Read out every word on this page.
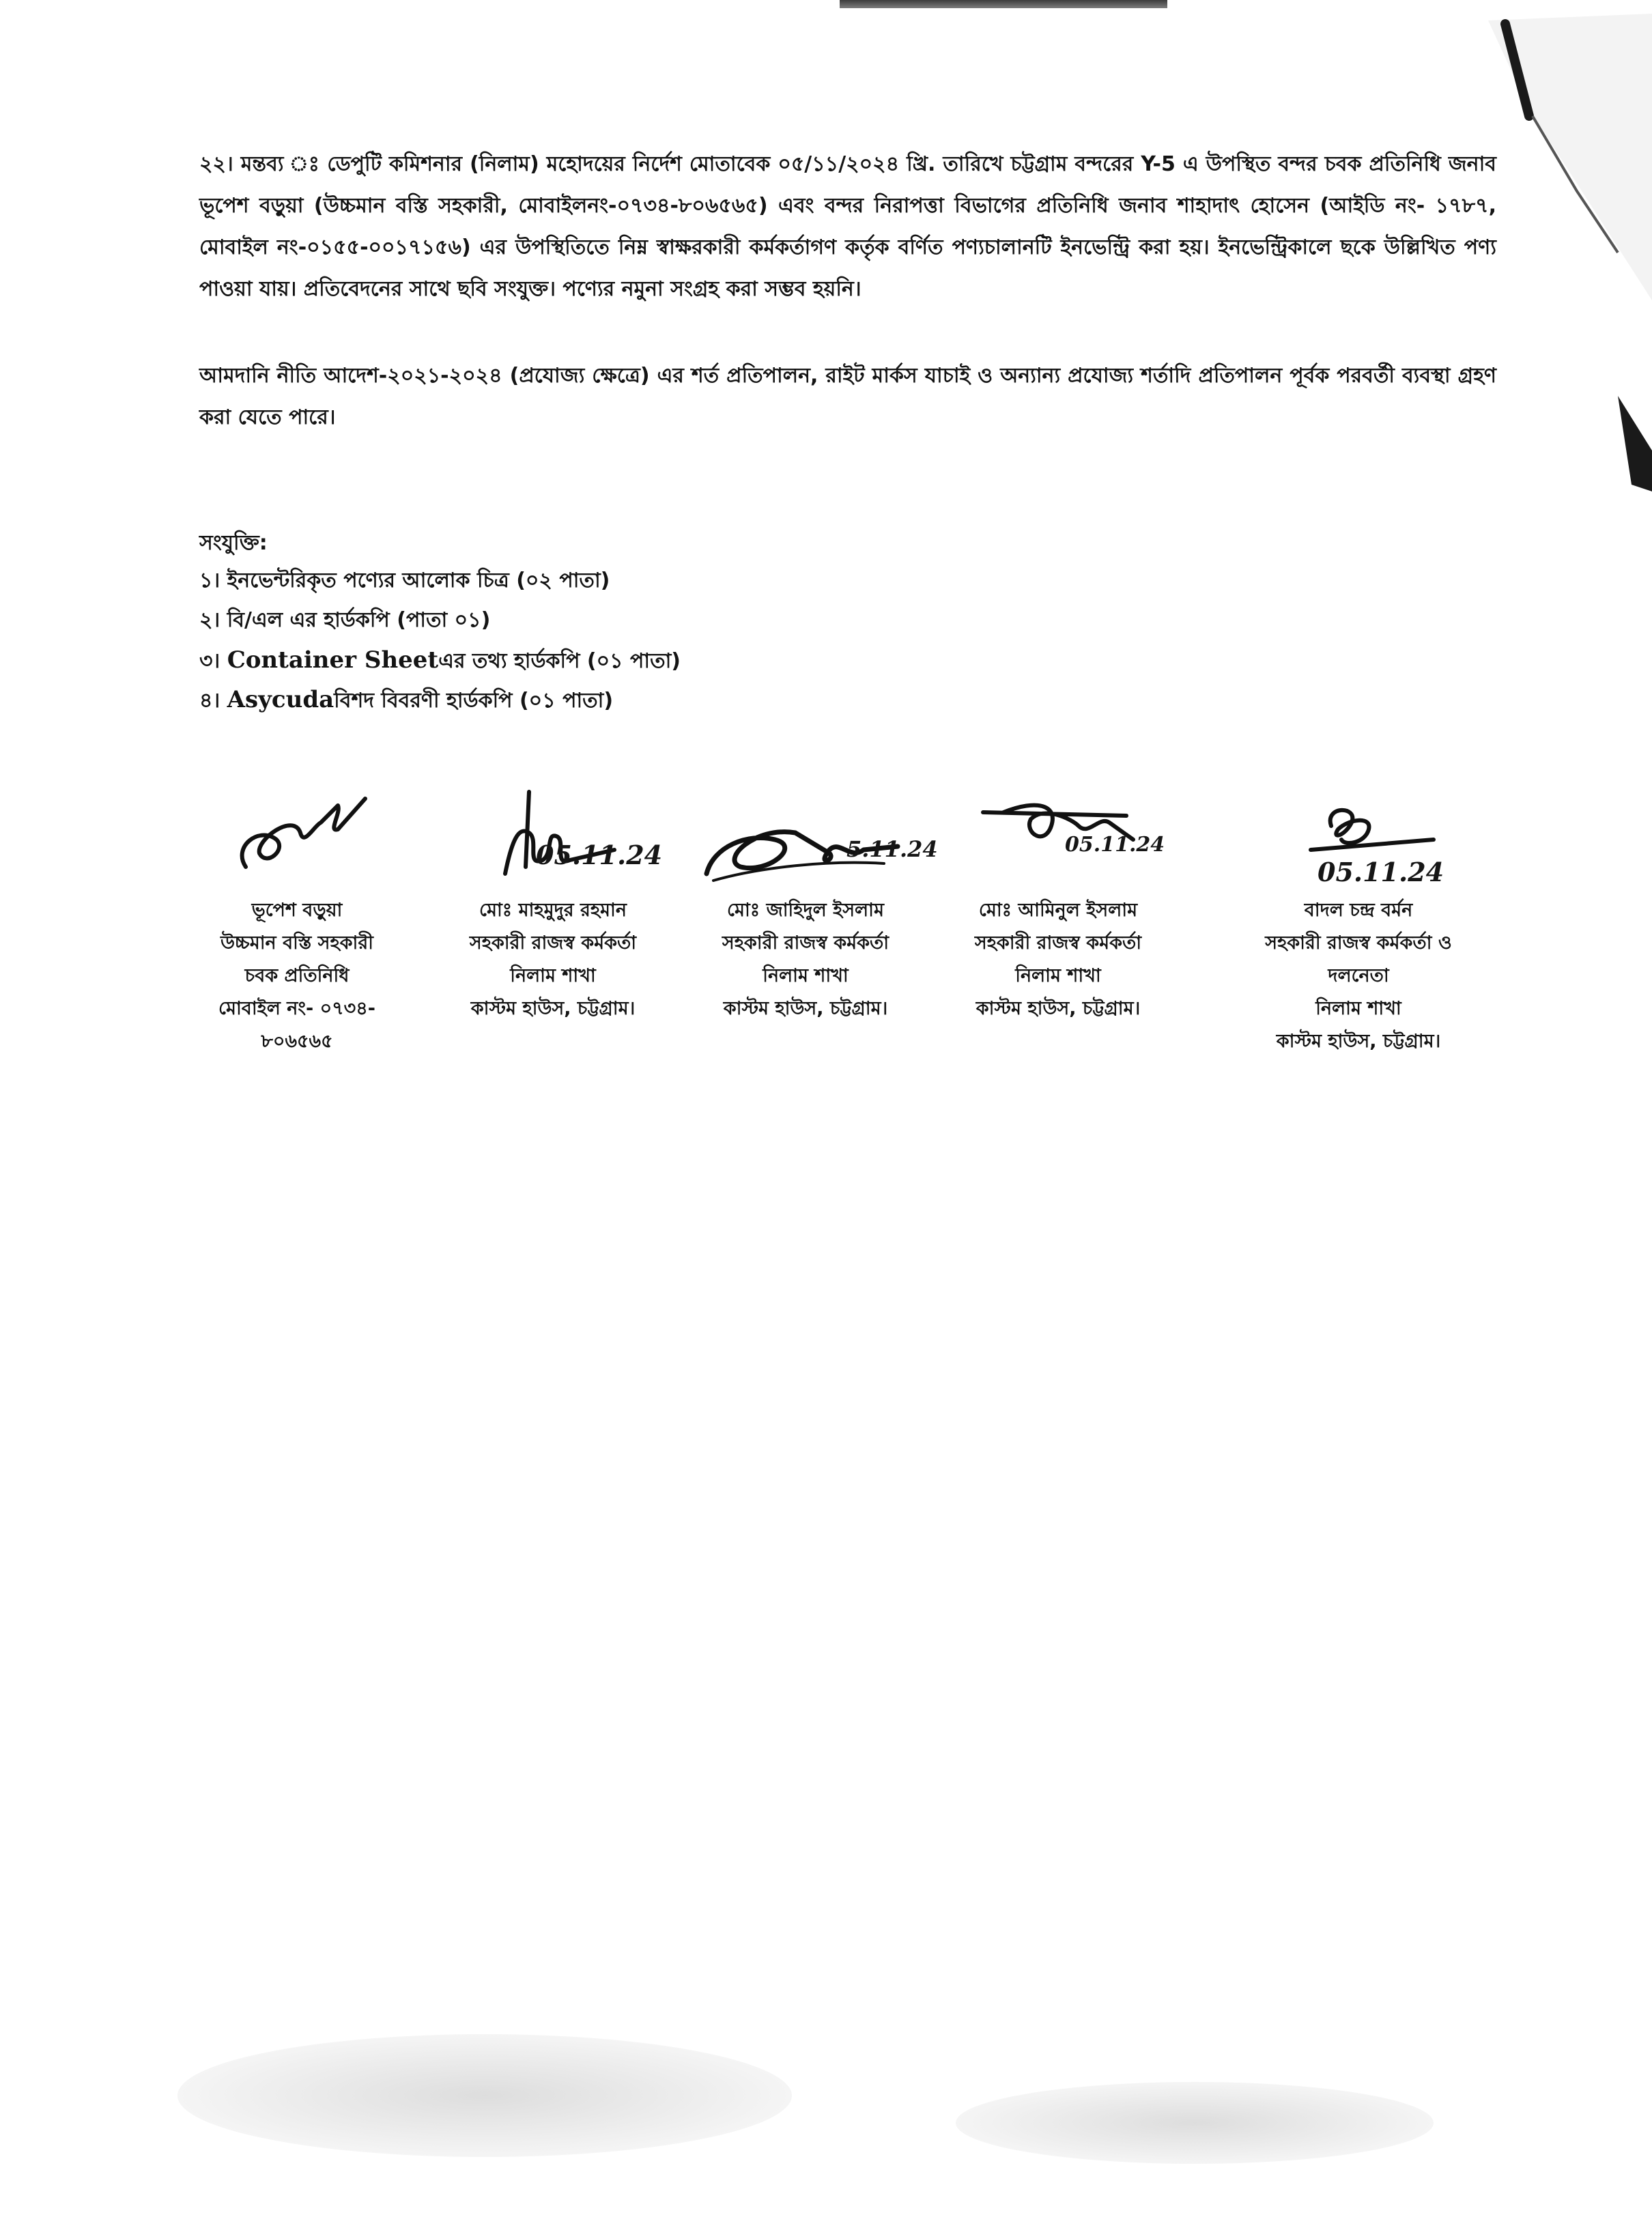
২২। মন্তব্য ঃ ডেপুটি কমিশনার (নিলাম) মহোদয়ের নির্দেশ মোতাবেক ০৫/১১/২০২৪ খ্রি. তারিখে চট্টগ্রাম বন্দরের Y-5 এ উপস্থিত বন্দর চবক প্রতিনিধি জনাব ভূপেশ বড়ুয়া (উচ্চমান বস্তি সহকারী, মোবাইলনং-০৭৩৪-৮০৬৫৬৫) এবং বন্দর নিরাপত্তা বিভাগের প্রতিনিধি জনাব শাহাদাৎ হোসেন (আইডি নং- ১৭৮৭, মোবাইল নং-০১৫৫-০০১৭১৫৬) এর উপস্থিতিতে নিম্ন স্বাক্ষরকারী কর্মকর্তাগণ কর্তৃক বর্ণিত পণ্যচালানটি ইনভেন্ট্রি করা হয়। ইনভেন্ট্রিকালে ছকে উল্লিখিত পণ্য পাওয়া যায়। প্রতিবেদনের সাথে ছবি সংযুক্ত। পণ্যের নমুনা সংগ্রহ করা সম্ভব হয়নি।

আমদানি নীতি আদেশ-২০২১-২০২৪ (প্রযোজ্য ক্ষেত্রে) এর শর্ত প্রতিপালন, রাইট মার্কস যাচাই ও অন্যান্য প্রযোজ্য শর্তাদি প্রতিপালন পূর্বক পরবর্তী ব্যবস্থা গ্রহণ করা যেতে পারে।

সংযুক্তি:
১। ইনভেন্টরিকৃত পণ্যের আলোক চিত্র (০২ পাতা)
২। বি/এল এর হার্ডকপি (পাতা ০১)
৩। Container Sheetএর তথ্য হার্ডকপি (০১ পাতা)
৪। Asycudaবিশদ বিবরণী হার্ডকপি (০১ পাতা)
ভূপেশ বড়ুয়া
উচ্চমান বস্তি সহকারী
চবক প্রতিনিধি
মোবাইল নং- ০৭৩৪-
৮০৬৫৬৫
05.11.24
মোঃ মাহমুদুর রহমান
সহকারী রাজস্ব কর্মকর্তা
নিলাম শাখা
কাস্টম হাউস, চট্টগ্রাম।
5.11.24
মোঃ জাহিদুল ইসলাম
সহকারী রাজস্ব কর্মকর্তা
নিলাম শাখা
কাস্টম হাউস, চট্টগ্রাম।
05.11.24
মোঃ আমিনুল ইসলাম
সহকারী রাজস্ব কর্মকর্তা
নিলাম শাখা
কাস্টম হাউস, চট্টগ্রাম।
05.11.24
বাদল চন্দ্র বর্মন
সহকারী রাজস্ব কর্মকর্তা ও
দলনেতা
নিলাম শাখা
কাস্টম হাউস, চট্টগ্রাম।
